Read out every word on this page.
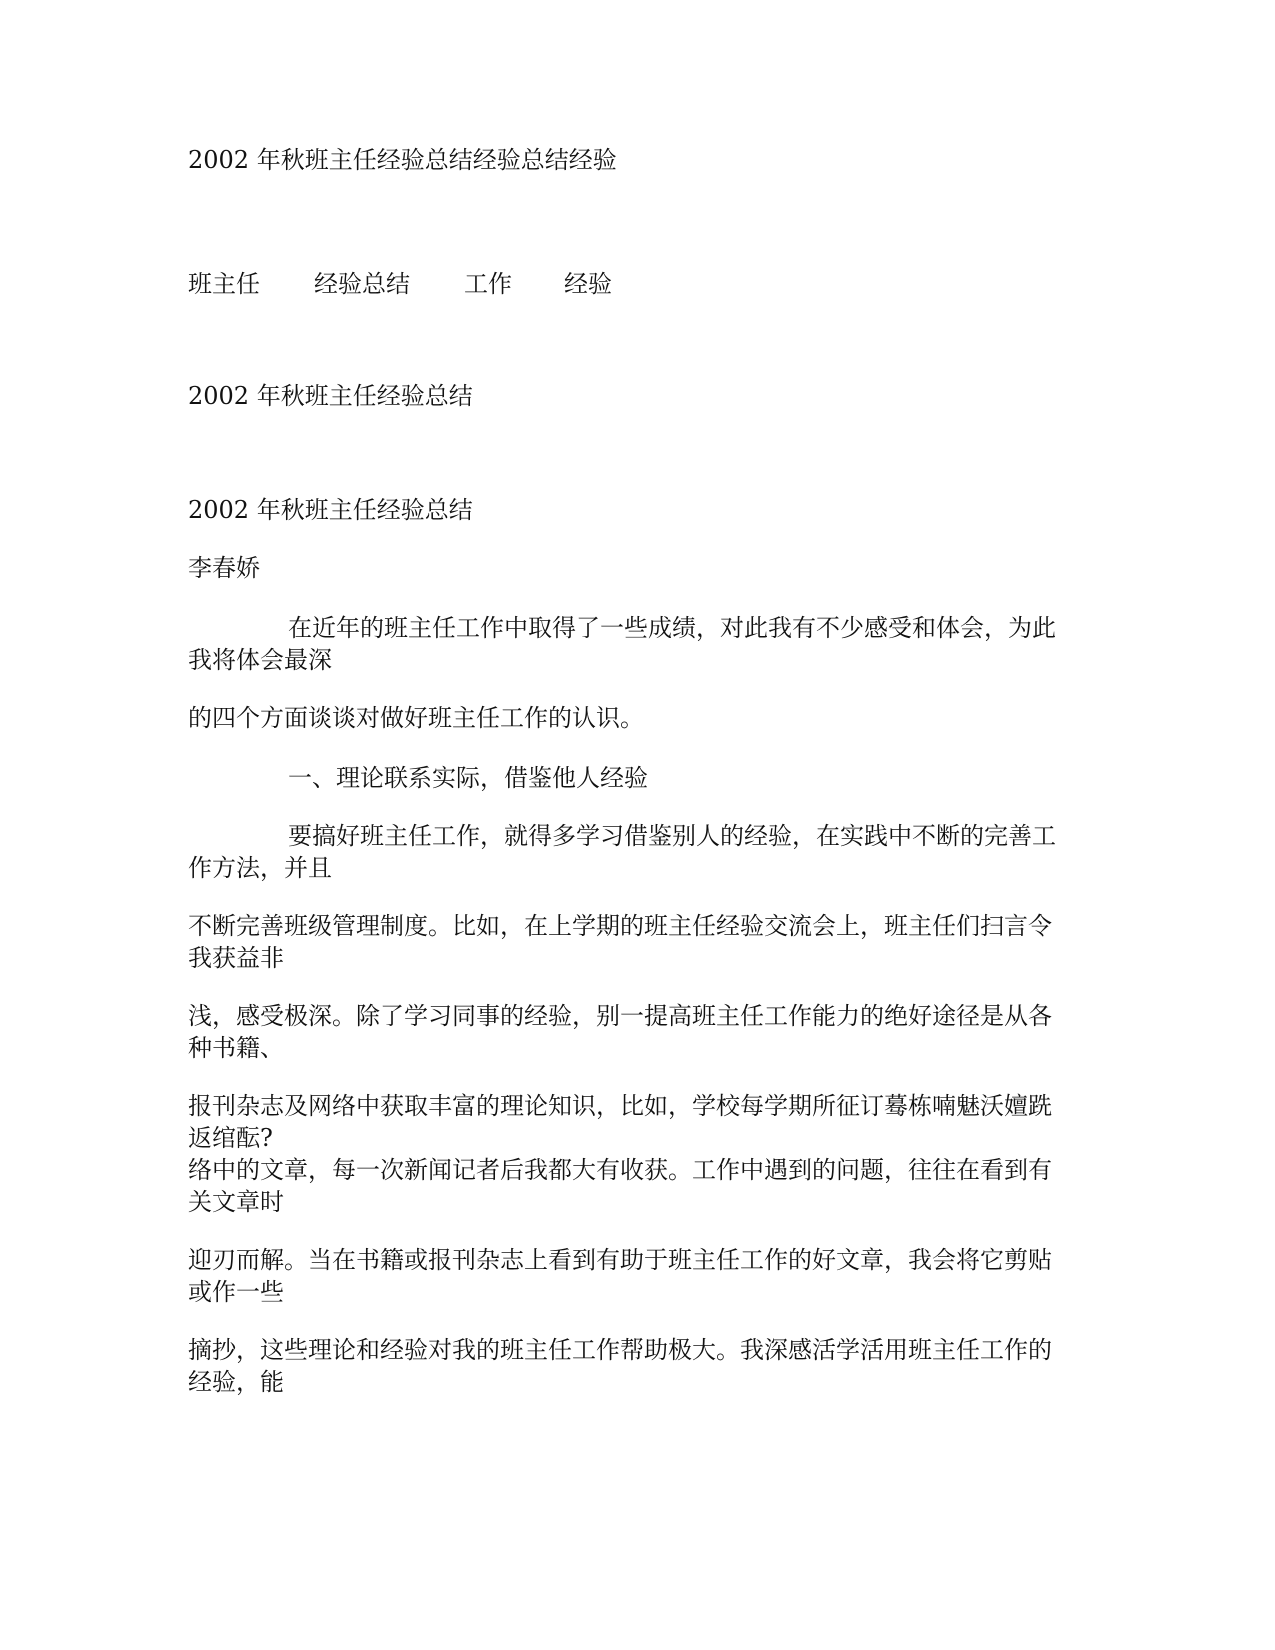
2002 年秋班主任经验总结经验总结经验
班主任 经验总结 工作 经验
2002 年秋班主任经验总结
2002 年秋班主任经验总结
李春娇
在近年的班主任工作中取得了一些成绩，对此我有不少感受和体会，为此
我将体会最深
的四个方面谈谈对做好班主任工作的认识。
一、理论联系实际，借鉴他人经验
要搞好班主任工作，就得多学习借鉴别人的经验，在实践中不断的完善工
作方法，并且
不断完善班级管理制度。比如，在上学期的班主任经验交流会上，班主任们扫言令
我获益非
浅，感受极深。除了学习同事的经验，别一提高班主任工作能力的绝好途径是从各
种书籍、
报刊杂志及网络中获取丰富的理论知识，比如，学校每学期所征订蓦栋喃魅沃嬗跣
返绾酝?
络中的文章，每一次新闻记者后我都大有收获。工作中遇到的问题，往往在看到有
关文章时
迎刃而解。当在书籍或报刊杂志上看到有助于班主任工作的好文章，我会将它剪贴
或作一些
摘抄，这些理论和经验对我的班主任工作帮助极大。我深感活学活用班主任工作的
经验，能
